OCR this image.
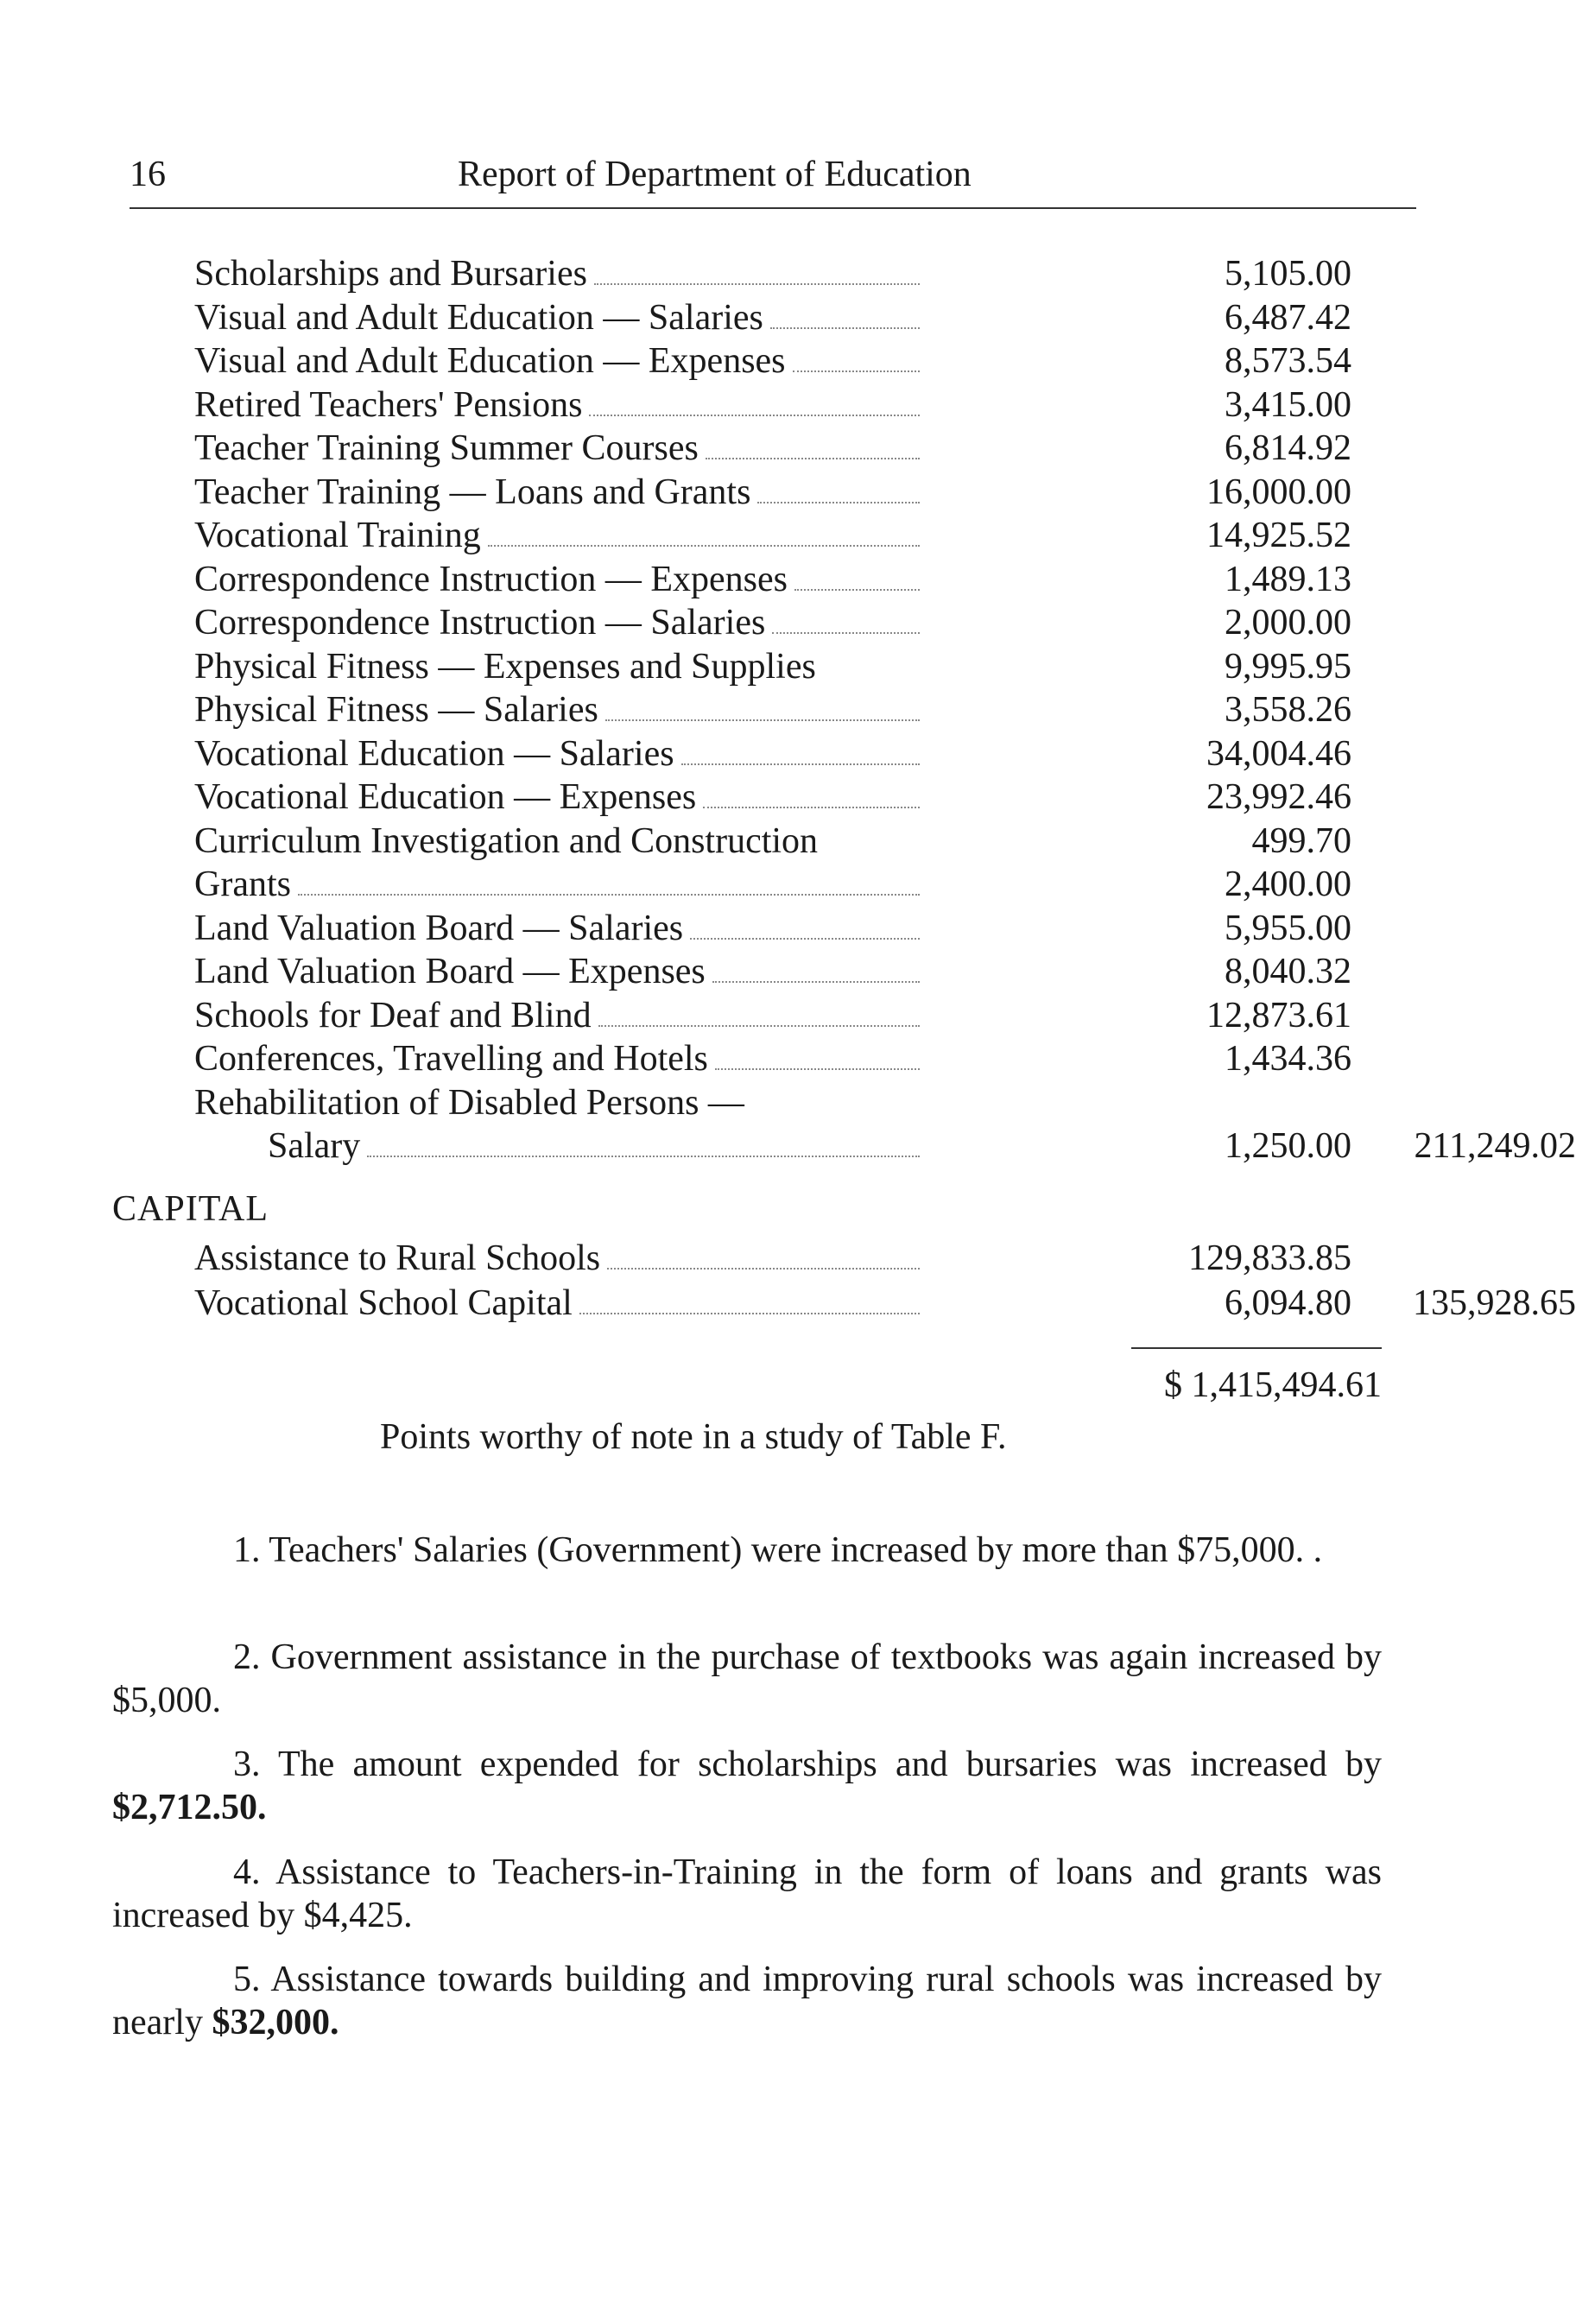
16	Report of Department of Education
Scholarships and Bursaries	5,105.00
Visual and Adult Education — Salaries	6,487.42
Visual and Adult Education — Expenses	8,573.54
Retired Teachers' Pensions	3,415.00
Teacher Training Summer Courses	6,814.92
Teacher Training — Loans and Grants	16,000.00
Vocational Training	14,925.52
Correspondence Instruction — Expenses	1,489.13
Correspondence Instruction — Salaries	2,000.00
Physical Fitness — Expenses and Supplies	9,995.95
Physical Fitness — Salaries	3,558.26
Vocational Education — Salaries	34,004.46
Vocational Education — Expenses	23,992.46
Curriculum Investigation and Construction	499.70
Grants	2,400.00
Land Valuation Board — Salaries	5,955.00
Land Valuation Board — Expenses	8,040.32
Schools for Deaf and Blind	12,873.61
Conferences, Travelling and Hotels	1,434.36
Rehabilitation of Disabled Persons —
Salary	1,250.00	211,249.02
CAPITAL
Assistance to Rural Schools	129,833.85
Vocational School Capital	6,094.80	135,928.65
$ 1,415,494.61
Points worthy of note in a study of Table F.
1. Teachers' Salaries (Government) were increased by more than $75,000. .
2. Government assistance in the purchase of textbooks was again increased by $5,000.
3. The amount expended for scholarships and bursaries was increased by $2,712.50.
4. Assistance to Teachers-in-Training in the form of loans and grants was increased by $4,425.
5. Assistance towards building and improving rural schools was increased by nearly $32,000.
